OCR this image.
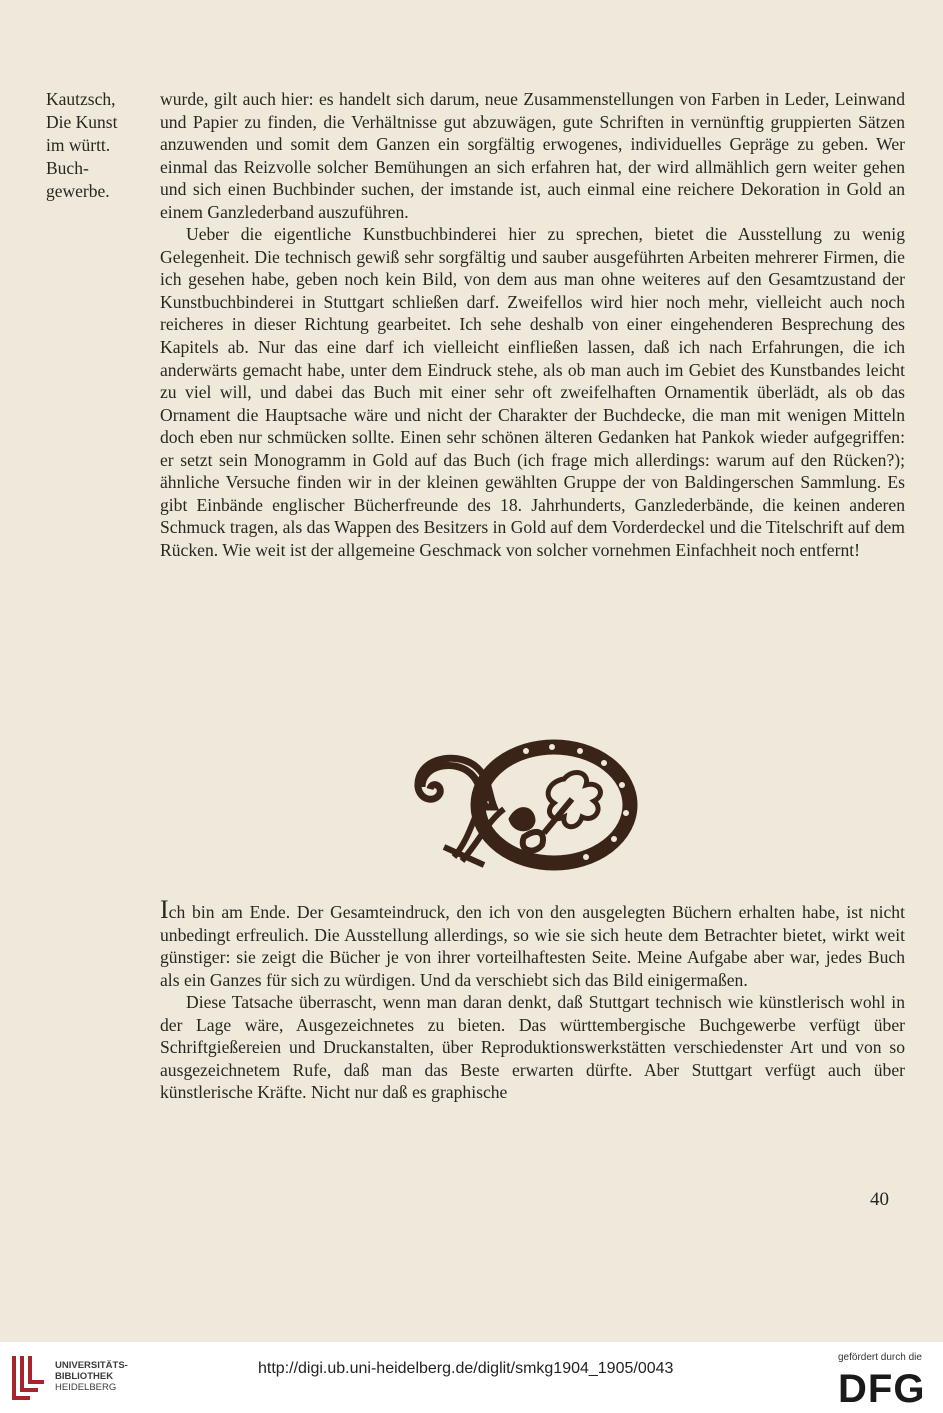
Kautzsch,
Die Kunst
im württ.
Buch-
gewerbe.

wurde, gilt auch hier: es handelt sich darum, neue Zusammenstellungen von Farben in Leder, Leinwand und Papier zu finden, die Verhältnisse gut abzuwägen, gute Schriften in vernünftig gruppierten Sätzen anzuwenden und somit dem Ganzen ein sorgfältig erwogenes, individuelles Gepräge zu geben. Wer einmal das Reizvolle solcher Bemühungen an sich erfahren hat, der wird allmählich gern weiter gehen und sich einen Buchbinder suchen, der imstande ist, auch einmal eine reichere Dekoration in Gold an einem Ganzlederband auszuführen.

Ueber die eigentliche Kunstbuchbinderei hier zu sprechen, bietet die Ausstellung zu wenig Gelegenheit. Die technisch gewiß sehr sorgfältig und sauber ausgeführten Arbeiten mehrerer Firmen, die ich gesehen habe, geben noch kein Bild, von dem aus man ohne weiteres auf den Gesamtzustand der Kunstbuchbinderei in Stuttgart schließen darf. Zweifellos wird hier noch mehr, vielleicht auch noch reicheres in dieser Richtung gearbeitet. Ich sehe deshalb von einer eingehenderen Besprechung des Kapitels ab. Nur das eine darf ich vielleicht einfließen lassen, daß ich nach Erfahrungen, die ich anderwärts gemacht habe, unter dem Eindruck stehe, als ob man auch im Gebiet des Kunstbandes leicht zu viel will, und dabei das Buch mit einer sehr oft zweifelhaften Ornamentik überlädt, als ob das Ornament die Hauptsache wäre und nicht der Charakter der Buchdecke, die man mit wenigen Mitteln doch eben nur schmücken sollte. Einen sehr schönen älteren Gedanken hat Pankok wieder aufgegriffen: er setzt sein Monogramm in Gold auf das Buch (ich frage mich allerdings: warum auf den Rücken?); ähnliche Versuche finden wir in der kleinen gewählten Gruppe der von Baldingerschen Sammlung. Es gibt Einbände englischer Bücherfreunde des 18. Jahrhunderts, Ganzlederbände, die keinen anderen Schmuck tragen, als das Wappen des Besitzers in Gold auf dem Vorderdeckel und die Titelschrift auf dem Rücken. Wie weit ist der allgemeine Geschmack von solcher vornehmen Einfachheit noch entfernt!

Ich bin am Ende. Der Gesamteindruck, den ich von den ausgelegten Büchern erhalten habe, ist nicht unbedingt erfreulich. Die Ausstellung allerdings, so wie sie sich heute dem Betrachter bietet, wirkt weit günstiger: sie zeigt die Bücher je von ihrer vorteilhaftesten Seite. Meine Aufgabe aber war, jedes Buch als ein Ganzes für sich zu würdigen. Und da verschiebt sich das Bild einigermaßen.

Diese Tatsache überrascht, wenn man daran denkt, daß Stuttgart technisch wie künstlerisch wohl in der Lage wäre, Ausgezeichnetes zu bieten. Das württembergische Buchgewerbe verfügt über Schriftgießereien und Druckanstalten, über Reproduktionswerkstätten verschiedenster Art und von so ausgezeichnetem Rufe, daß man das Beste erwarten dürfte. Aber Stuttgart verfügt auch über künstlerische Kräfte. Nicht nur daß es graphische

40
UNIVERSITÄTS-
BIBLIOTHEK
HEIDELBERG
http://digi.ub.uni-heidelberg.de/diglit/smkg1904_1905/0043
gefördert durch die
DFG
